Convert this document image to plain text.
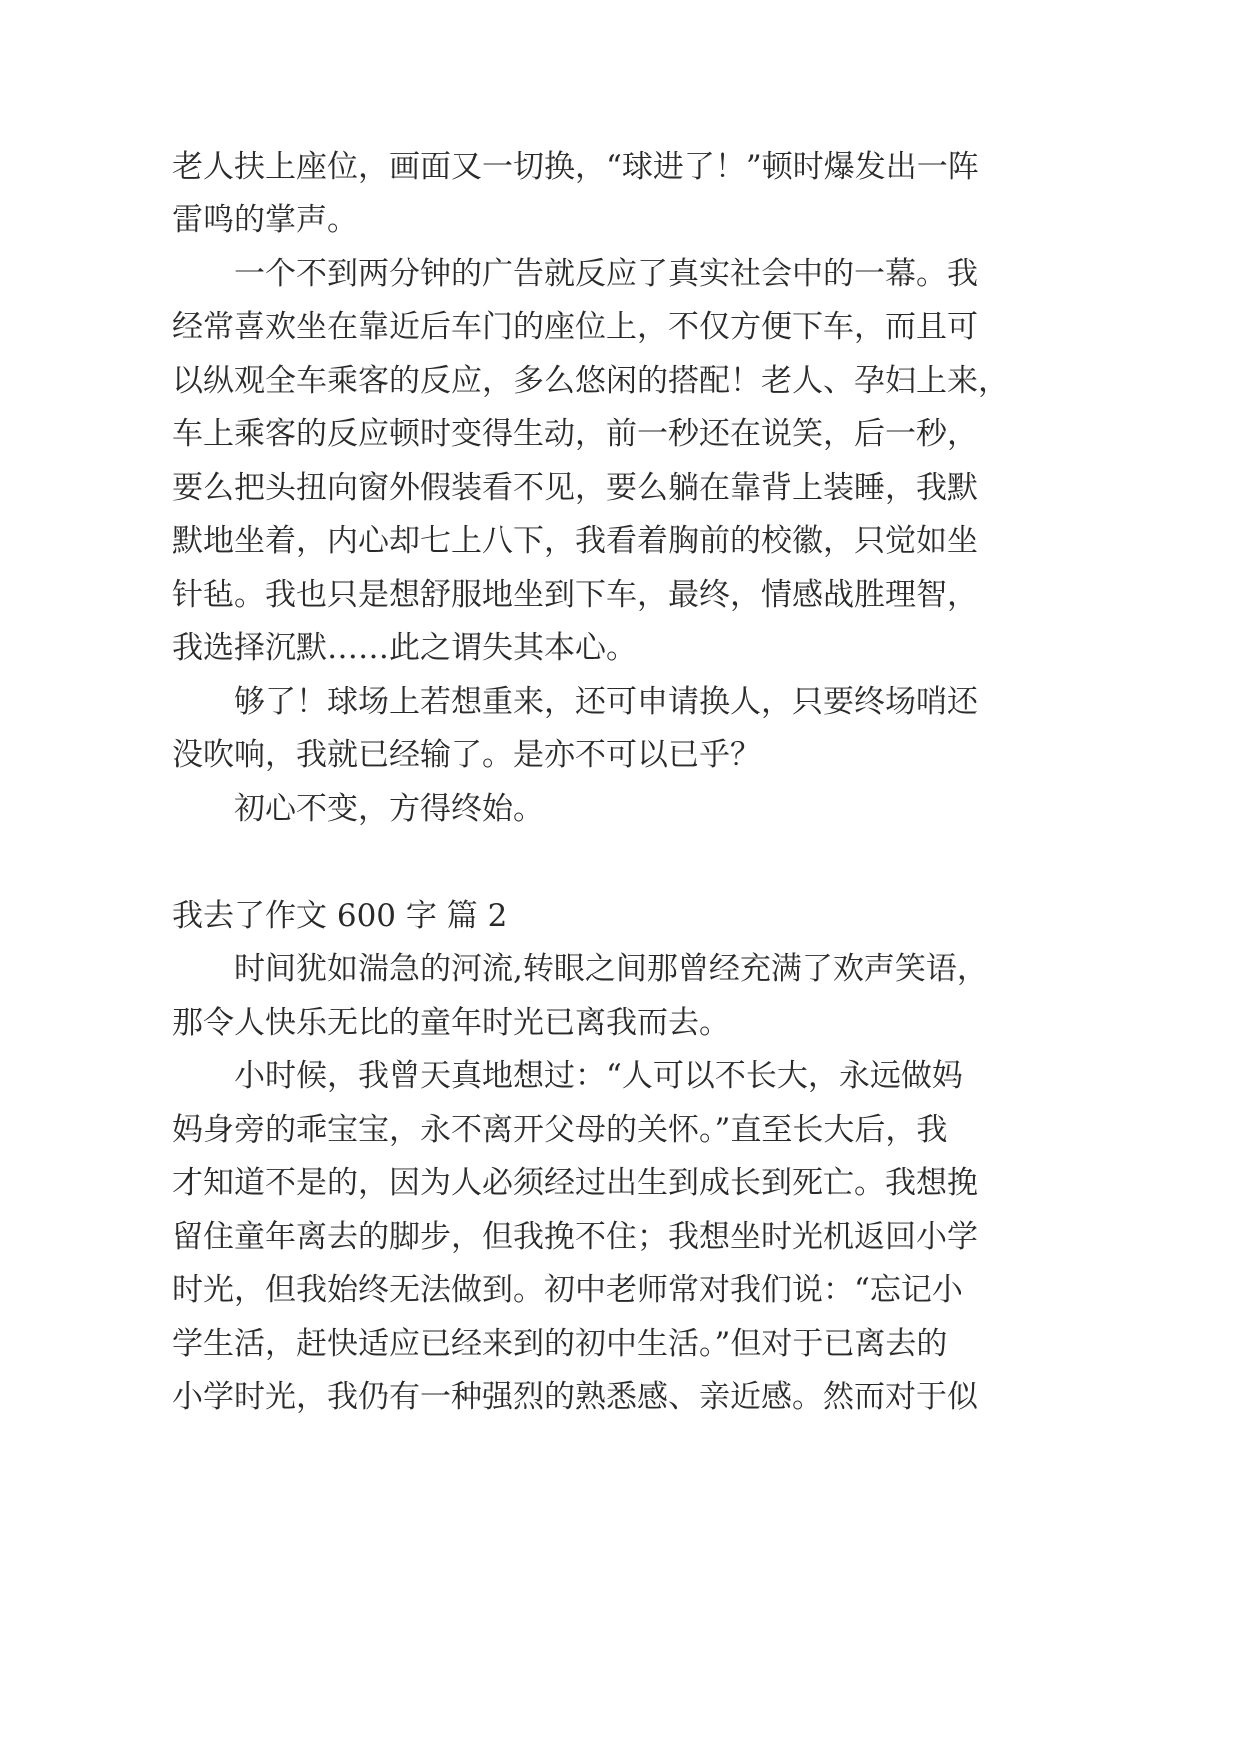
老人扶上座位，画面又一切换，“球进了！”顿时爆发出一阵

雷鸣的掌声。

一个不到两分钟的广告就反应了真实社会中的一幕。我

经常喜欢坐在靠近后车门的座位上，不仅方便下车，而且可

以纵观全车乘客的反应，多么悠闲的搭配！老人、孕妇上来，

车上乘客的反应顿时变得生动，前一秒还在说笑，后一秒，

要么把头扭向窗外假装看不见，要么躺在靠背上装睡，我默

默地坐着，内心却七上八下，我看着胸前的校徽，只觉如坐

针毡。我也只是想舒服地坐到下车，最终，情感战胜理智，

我选择沉默……此之谓失其本心。

够了！球场上若想重来，还可申请换人，只要终场哨还

没吹响，我就已经输了。是亦不可以已乎？

初心不变，方得终始。

我去了作文 600 字 篇 2

时间犹如湍急的河流,转眼之间那曾经充满了欢声笑语，

那令人快乐无比的童年时光已离我而去。

小时候，我曾天真地想过：“人可以不长大，永远做妈

妈身旁的乖宝宝，永不离开父母的关怀。”直至长大后，我

才知道不是的，因为人必须经过出生到成长到死亡。我想挽

留住童年离去的脚步，但我挽不住；我想坐时光机返回小学

时光，但我始终无法做到。初中老师常对我们说：“忘记小

学生活，赶快适应已经来到的初中生活。”但对于已离去的

小学时光，我仍有一种强烈的熟悉感、亲近感。然而对于似
